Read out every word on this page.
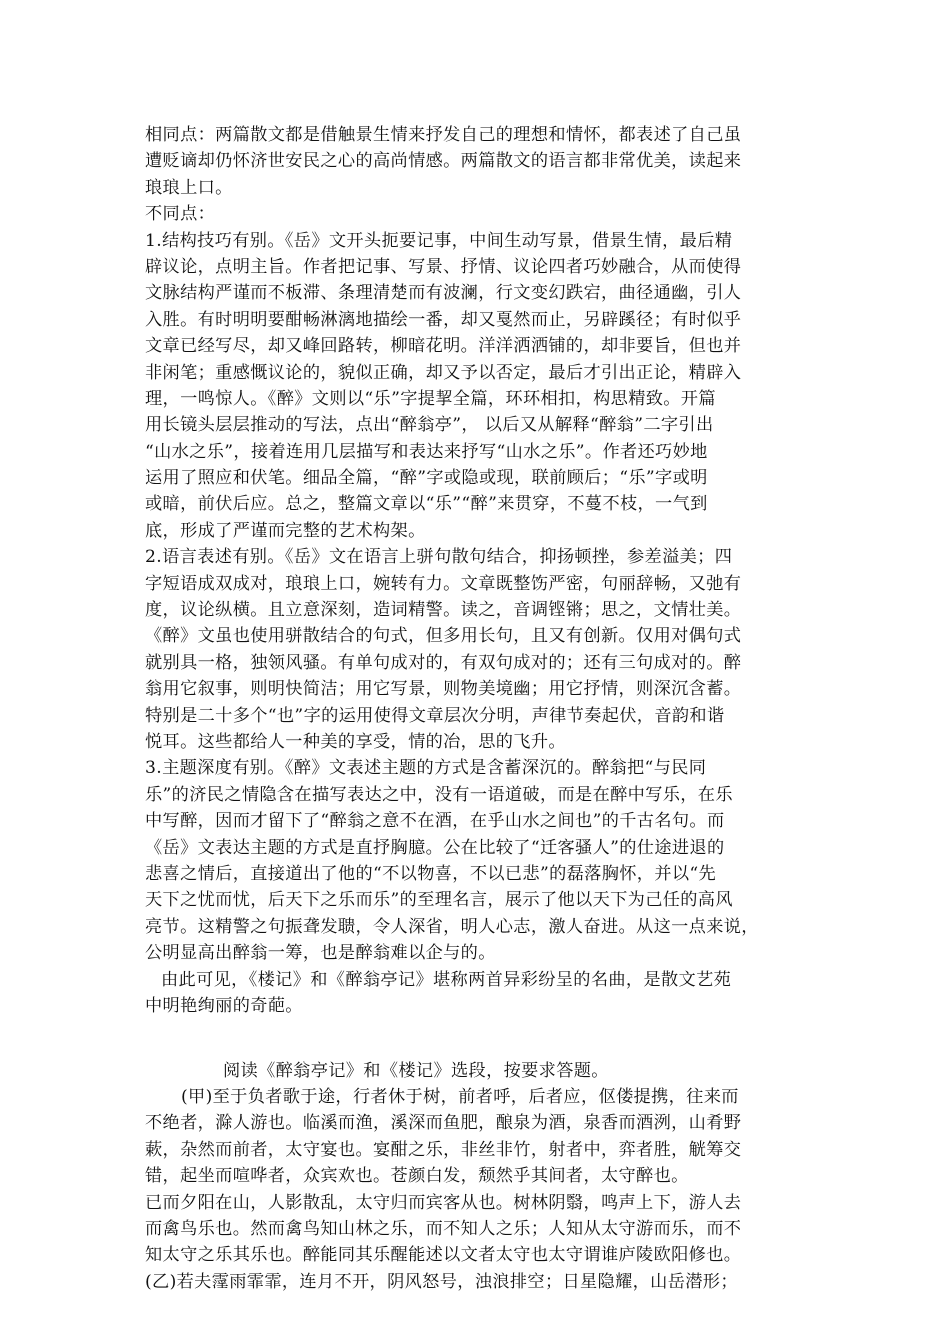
相同点：两篇散文都是借触景生情来抒发自己的理想和情怀，都表述了自己虽
遭贬谪却仍怀济世安民之心的高尚情感。两篇散文的语言都非常优美，读起来
琅琅上口。
不同点：
1.结构技巧有别。《岳》文开头扼要记事，中间生动写景，借景生情，最后精
辟议论，点明主旨。作者把记事、写景、抒情、议论四者巧妙融合，从而使得
文脉结构严谨而不板滞、条理清楚而有波澜，行文变幻跌宕，曲径通幽，引人
入胜。有时明明要酣畅淋漓地描绘一番，却又戛然而止，另辟蹊径；有时似乎
文章已经写尽，却又峰回路转，柳暗花明。洋洋洒洒铺的，却非要旨，但也并
非闲笔；重感慨议论的，貌似正确，却又予以否定，最后才引出正论，精辟入
理，一鸣惊人。《醉》文则以“乐”字提挈全篇，环环相扣，构思精致。开篇
用长镜头层层推动的写法，点出“醉翁亭”， 以后又从解释“醉翁”二字引出
“山水之乐”，接着连用几层描写和表达来抒写“山水之乐”。作者还巧妙地
运用了照应和伏笔。细品全篇，“醉”字或隐或现，联前顾后；“乐”字或明
或暗，前伏后应。总之，整篇文章以“乐”“醉”来贯穿，不蔓不枝，一气到
底，形成了严谨而完整的艺术构架。
2.语言表述有别。《岳》文在语言上骈句散句结合，抑扬顿挫，参差溢美；四
字短语成双成对，琅琅上口，婉转有力。文章既整饬严密，句丽辞畅，又弛有
度，议论纵横。且立意深刻，造词精警。读之，音调铿锵；思之，文情壮美。
《醉》文虽也使用骈散结合的句式，但多用长句，且又有创新。仅用对偶句式
就别具一格，独领风骚。有单句成对的，有双句成对的；还有三句成对的。醉
翁用它叙事，则明快简洁；用它写景，则物美境幽；用它抒情，则深沉含蓄。
特别是二十多个“也”字的运用使得文章层次分明，声律节奏起伏，音韵和谐
悦耳。这些都给人一种美的享受，情的冶，思的飞升。
3.主题深度有别。《醉》文表述主题的方式是含蓄深沉的。醉翁把“与民同
乐”的济民之情隐含在描写表达之中，没有一语道破，而是在醉中写乐，在乐
中写醉，因而才留下了“醉翁之意不在酒，在乎山水之间也”的千古名句。而
《岳》文表达主题的方式是直抒胸臆。公在比较了“迁客骚人”的仕途进退的
悲喜之情后，直接道出了他的“不以物喜，不以已悲”的磊落胸怀，并以“先
天下之忧而忧，后天下之乐而乐”的至理名言，展示了他以天下为己任的高风
亮节。这精警之句振聋发聩，令人深省，明人心志，激人奋进。从这一点来说，
公明显高出醉翁一筹，也是醉翁难以企与的。
由此可见，《楼记》和《醉翁亭记》堪称两首异彩纷呈的名曲，是散文艺苑
中明艳绚丽的奇葩。
阅读《醉翁亭记》和《楼记》选段，按要求答题。
(甲)至于负者歌于途，行者休于树，前者呼，后者应，伛偻提携，往来而
不绝者，滁人游也。临溪而渔，溪深而鱼肥，酿泉为酒，泉香而酒洌，山肴野
蔌，杂然而前者，太守宴也。宴酣之乐，非丝非竹，射者中，弈者胜，觥筹交
错，起坐而喧哗者，众宾欢也。苍颜白发，颓然乎其间者，太守醉也。
已而夕阳在山，人影散乱，太守归而宾客从也。树林阴翳，鸣声上下，游人去
而禽鸟乐也。然而禽鸟知山林之乐，而不知人之乐；人知从太守游而乐，而不
知太守之乐其乐也。醉能同其乐醒能述以文者太守也太守谓谁庐陵欧阳修也。
(乙)若夫霪雨霏霏，连月不开，阴风怒号，浊浪排空；日星隐耀，山岳潜形；
